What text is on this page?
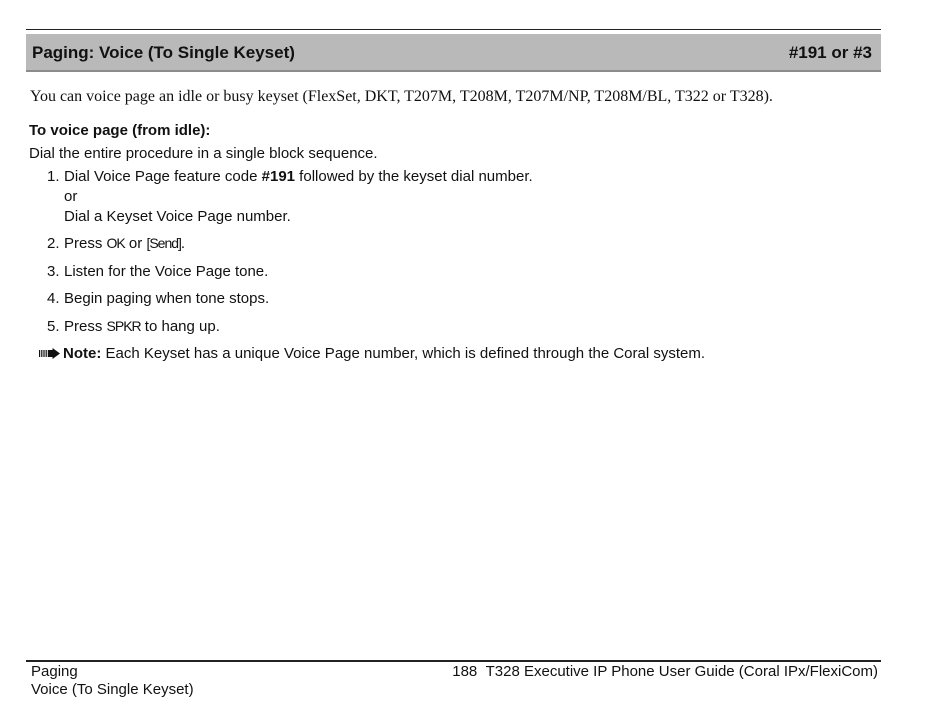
Paging: Voice (To Single Keyset)	#191 or #3
You can voice page an idle or busy keyset (FlexSet, DKT, T207M, T208M, T207M/NP, T208M/BL, T322 or T328).
To voice page (from idle):
Dial the entire procedure in a single block sequence.
1. Dial Voice Page feature code #191 followed by the keyset dial number.
or
Dial a Keyset Voice Page number.
2. Press OK or [Send].
3. Listen for the Voice Page tone.
4. Begin paging when tone stops.
5. Press SPKR to hang up.
Note: Each Keyset has a unique Voice Page number, which is defined through the Coral system.
Paging
Voice (To Single Keyset)
188 T328 Executive IP Phone User Guide (Coral IPx/FlexiCom)
